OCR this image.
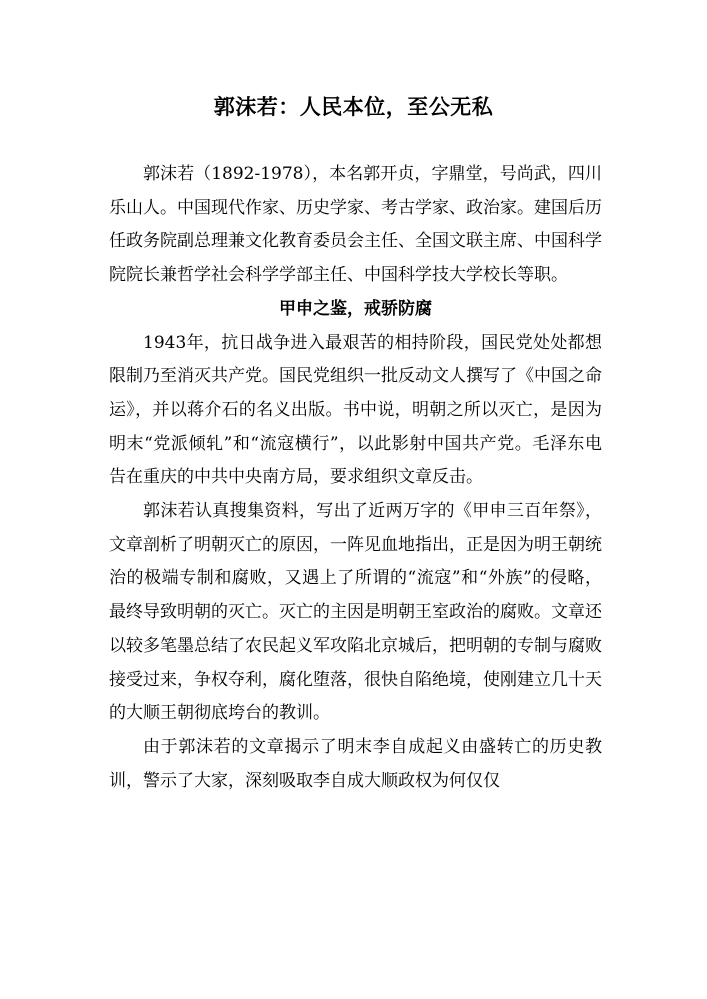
郭沫若：人民本位，至公无私

郭沫若（1892-1978），本名郭开贞，字鼎堂，号尚武，四川乐山人。中国现代作家、历史学家、考古学家、政治家。建国后历任政务院副总理兼文化教育委员会主任、全国文联主席、中国科学院院长兼哲学社会科学学部主任、中国科学技大学校长等职。

甲申之鉴，戒骄防腐

1943年，抗日战争进入最艰苦的相持阶段，国民党处处都想限制乃至消灭共产党。国民党组织一批反动文人撰写了《中国之命运》，并以蒋介石的名义出版。书中说，明朝之所以灭亡，是因为明末“党派倾轧”和“流寇横行”，以此影射中国共产党。毛泽东电告在重庆的中共中央南方局，要求组织文章反击。

郭沫若认真搜集资料，写出了近两万字的《甲申三百年祭》，文章剖析了明朝灭亡的原因，一阵见血地指出，正是因为明王朝统治的极端专制和腐败，又遇上了所谓的“流寇”和“外族”的侵略，最终导致明朝的灭亡。灭亡的主因是明朝王室政治的腐败。文章还以较多笔墨总结了农民起义军攻陷北京城后，把明朝的专制与腐败接受过来，争权夺利，腐化堕落，很快自陷绝境，使刚建立几十天的大顺王朝彻底垮台的教训。

由于郭沫若的文章揭示了明末李自成起义由盛转亡的历史教训，警示了大家，深刻吸取李自成大顺政权为何仅仅
